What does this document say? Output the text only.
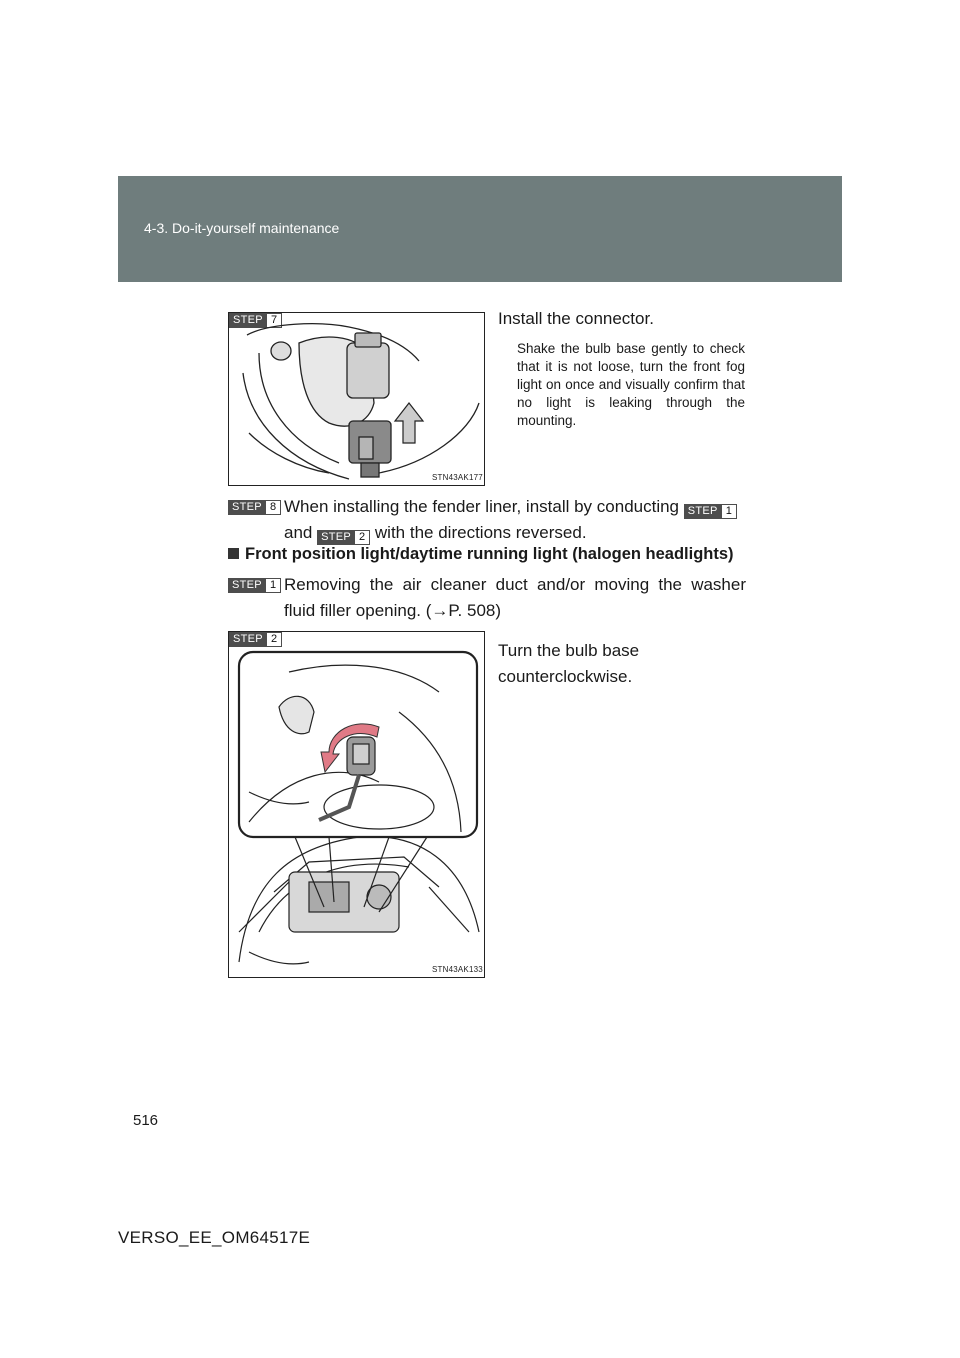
4-3. Do-it-yourself maintenance
STEP 7
STN43AK177
Install the connector.
Shake the bulb base gently to check that it is not loose, turn the front fog light on once and visually confirm that no light is leaking through the mounting.
STEP 8 When installing the fender liner, install by conducting STEP 1

and STEP 2 with the directions reversed.
Front position light/daytime running light (halogen headlights)
STEP 1 Removing the air cleaner duct and/or moving the washer fluid filler opening. (→P. 508)
STEP 2
STN43AK133
Turn the bulb base counterclockwise.
516
VERSO_EE_OM64517E
